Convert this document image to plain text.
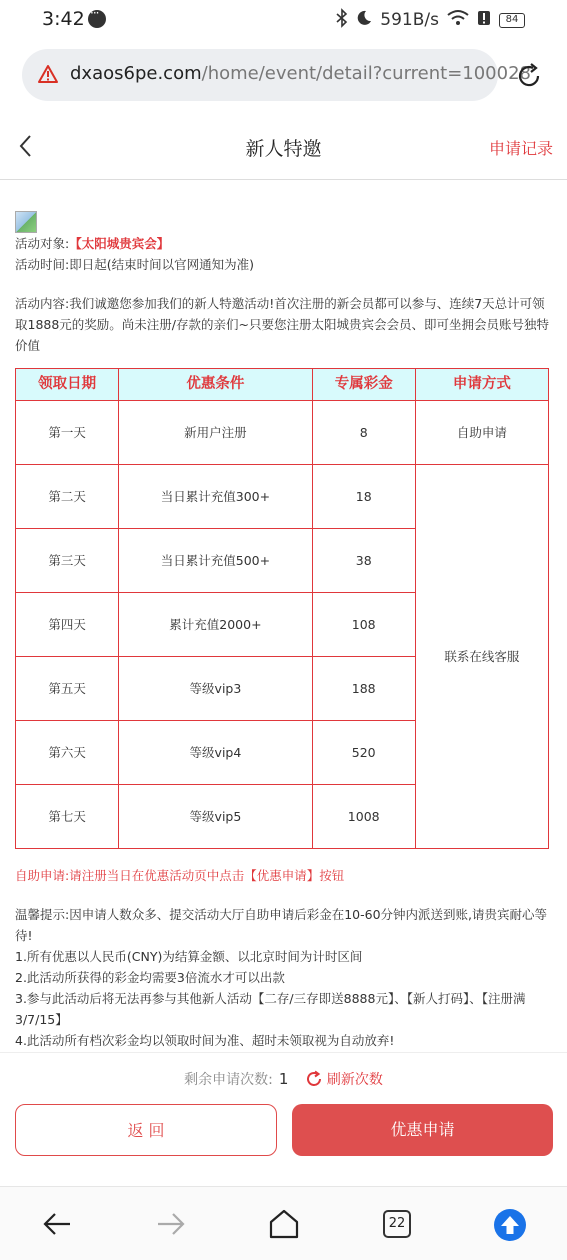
3:42 ···	591B/s	84
dxaos6pe.com/home/event/detail?current=100028
新人特邀	申请记录
活动对象:【太阳城贵宾会】
活动时间:即日起(结束时间以官网通知为准)
活动内容:我们诚邀您参加我们的新人特邀活动!首次注册的新会员都可以参与、连续7天总计可领取1888元的奖励。尚未注册/存款的亲们~只要您注册太阳城贵宾会会员、即可坐拥会员账号独特价值
领取日期	优惠条件	专属彩金	申请方式
第一天	新用户注册	8	自助申请
第二天	当日累计充值300+	18	联系在线客服
第三天	当日累计充值500+	38	
第四天	累计充值2000+	108	
第五天	等级vip3	188	
第六天	等级vip4	520	
第七天	等级vip5	1008	
自助申请:请注册当日在优惠活动页中点击【优惠申请】按钮
温馨提示:因申请人数众多、提交活动大厅自助申请后彩金在10-60分钟内派送到账,请贵宾耐心等待!
1.所有优惠以人民币(CNY)为结算金额、以北京时间为计时区间
2.此活动所获得的彩金均需要3倍流水才可以出款
3.参与此活动后将无法再参与其他新人活动【二存/三存即送8888元】、【新人打码】、【注册满3/7/15】
4.此活动所有档次彩金均以领取时间为准、超时未领取视为自动放弃!
剩余申请次数: 1	刷新次数
返 回	优惠申请
22
